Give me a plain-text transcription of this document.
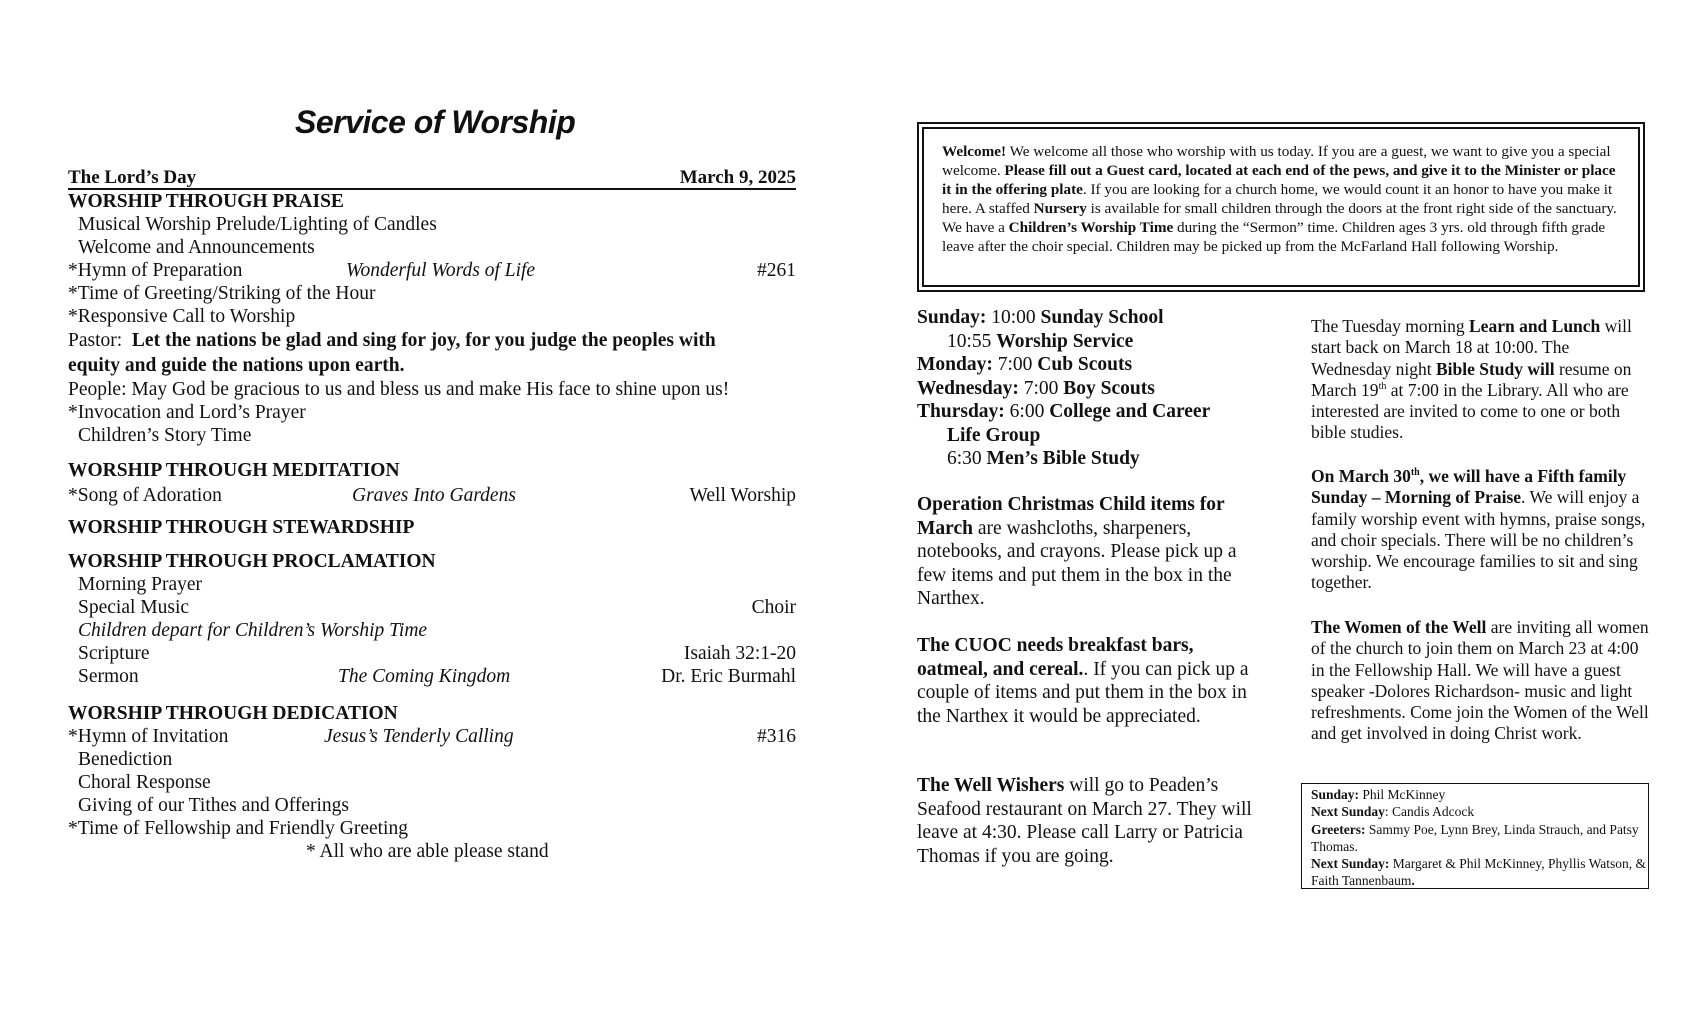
Service of Worship
The Lord’s Day	March 9, 2025
WORSHIP THROUGH PRAISE
Musical Worship Prelude/Lighting of Candles
Welcome and Announcements
*Hymn of Preparation	Wonderful Words of Life	#261
*Time of Greeting/Striking of the Hour
*Responsive Call to Worship
Pastor: Let the nations be glad and sing for joy, for you judge the peoples with
equity and guide the nations upon earth.
People: May God be gracious to us and bless us and make His face to shine upon us!
*Invocation and Lord’s Prayer
Children’s Story Time
WORSHIP THROUGH MEDITATION
*Song of Adoration	Graves Into Gardens	Well Worship
WORSHIP THROUGH STEWARDSHIP
WORSHIP THROUGH PROCLAMATION
Morning Prayer
Special Music	Choir
Children depart for Children’s Worship Time
Scripture	Isaiah 32:1-20
Sermon	The Coming Kingdom	Dr. Eric Burmahl
WORSHIP THROUGH DEDICATION
*Hymn of Invitation	Jesus’s Tenderly Calling	#316
Benediction
Choral Response
Giving of our Tithes and Offerings
*Time of Fellowship and Friendly Greeting
* All who are able please stand
Welcome! We welcome all those who worship with us today. If you are a guest, we want to give you a special welcome. Please fill out a Guest card, located at each end of the pews, and give it to the Minister or place it in the offering plate. If you are looking for a church home, we would count it an honor to have you make it here. A staffed Nursery is available for small children through the doors at the front right side of the sanctuary. We have a Children’s Worship Time during the “Sermon” time. Children ages 3 yrs. old through fifth grade leave after the choir special. Children may be picked up from the McFarland Hall following Worship.
Sunday: 10:00 Sunday School
10:55 Worship Service
Monday: 7:00 Cub Scouts
Wednesday: 7:00 Boy Scouts
Thursday: 6:00 College and Career
Life Group
6:30 Men’s Bible Study
Operation Christmas Child items for March are washcloths, sharpeners, notebooks, and crayons. Please pick up a few items and put them in the box in the Narthex.
The CUOC needs breakfast bars, oatmeal, and cereal.. If you can pick up a couple of items and put them in the box in the Narthex it would be appreciated.
The Well Wishers will go to Peaden’s Seafood restaurant on March 27. They will leave at 4:30. Please call Larry or Patricia Thomas if you are going.
The Tuesday morning Learn and Lunch will start back on March 18 at 10:00. The Wednesday night Bible Study will resume on March 19th at 7:00 in the Library. All who are interested are invited to come to one or both bible studies.
On March 30th, we will have a Fifth family Sunday – Morning of Praise. We will enjoy a family worship event with hymns, praise songs, and choir specials. There will be no children’s worship. We encourage families to sit and sing together.
The Women of the Well are inviting all women of the church to join them on March 23 at 4:00 in the Fellowship Hall. We will have a guest speaker -Dolores Richardson- music and light refreshments. Come join the Women of the Well and get involved in doing Christ work.
Sunday: Phil McKinney
Next Sunday: Candis Adcock
Greeters: Sammy Poe, Lynn Brey, Linda Strauch, and Patsy Thomas.
Next Sunday: Margaret & Phil McKinney, Phyllis Watson, & Faith Tannenbaum.
